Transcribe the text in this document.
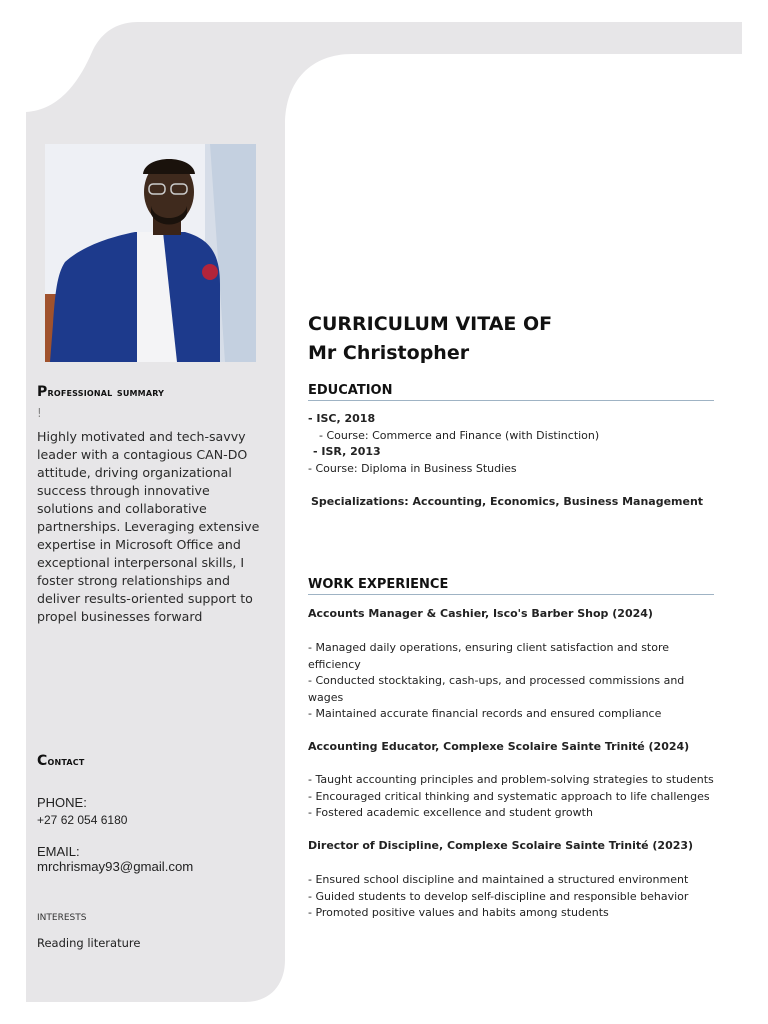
Professional summary
!
Highly motivated and tech-savvy leader with a contagious CAN-DO attitude, driving organizational success through innovative solutions and collaborative partnerships. Leveraging extensive expertise in Microsoft Office and exceptional interpersonal skills, I foster strong relationships and deliver results-oriented support to propel businesses forward
Contact
PHONE:
+27 62 054 6180
EMAIL:
mrchrismay93@gmail.com
INTERESTS
Reading literature
CURRICULUM VITAE OF
Mr Christopher
EDUCATION
- ISC, 2018
- Course: Commerce and Finance (with Distinction)
- ISR, 2013
- Course: Diploma in Business Studies
Specializations: Accounting, Economics, Business Management
WORK EXPERIENCE
Accounts Manager & Cashier, Isco's Barber Shop (2024)
- Managed daily operations, ensuring client satisfaction and store efficiency
- Conducted stocktaking, cash-ups, and processed commissions and wages
- Maintained accurate financial records and ensured compliance
Accounting Educator, Complexe Scolaire Sainte Trinité (2024)
- Taught accounting principles and problem-solving strategies to students
- Encouraged critical thinking and systematic approach to life challenges
- Fostered academic excellence and student growth
Director of Discipline, Complexe Scolaire Sainte Trinité (2023)
- Ensured school discipline and maintained a structured environment
- Guided students to develop self-discipline and responsible behavior
- Promoted positive values and habits among students
